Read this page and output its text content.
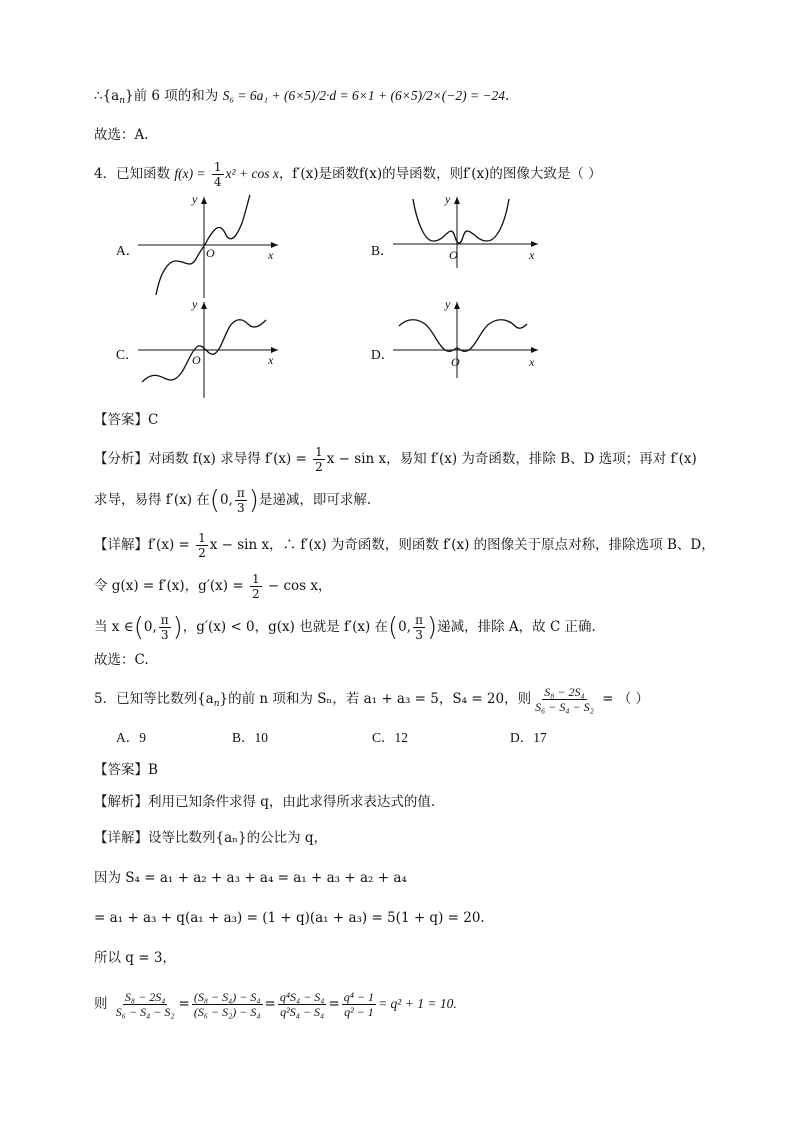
$\therefore\{a_n\}$前 6 项的和为 S₆ = 6a₁ + (6×5)/2·d = 6×1 + (6×5)/2×(−2) = −24.
故选：A.
4．已知函数 $f(x) = \frac{1}{4} x^2 + \cos x$，f′(x)是函数f(x)的导函数，则f′(x)的图像大致是（ ）
A．	B．
C．	D．
y
x
O
y
x
O
y
x
O
y
x
O
【答案】C
【分析】对函数 f(x) 求导得 $f'(x) = \frac{1}{2}$ x − sin x，易知 f′(x) 为奇函数，排除 B、D 选项；再对 f′(x)
求导，易得 f′(x) 在(0, $\frac{\pi}{3}$ )是递减，即可求解.
【详解】$f'(x) = \frac{1}{2}$ x − sin x，∴ f′(x) 为奇函数，则函数 f′(x) 的图像关于原点对称，排除选项 B、D，
令 g(x) = f′(x)，$g'(x) = \frac{1}{2} - \cos x$，
当 x ∈(0, $\frac{\pi}{3}$ )，g′(x) < 0，g(x) 也就是 f′(x) 在(0, $\frac{\pi}{3}$ )递减，排除 A，故 C 正确.
故选：C.
5．已知等比数列$\{a_n\}$的前 n 项和为 Sₙ，若 a₁ + a₃ = 5，S₄ = 20，则 $\frac{\text{S₈ − 2S₄}}{\text{S₆ − S₄ − S₂}}$ = （ ）
A．9	B．10	C．12	D．17
【答案】B
【解析】利用已知条件求得 q，由此求得所求表达式的值.
【详解】设等比数列{aₙ}的公比为 q，
因为 S₄ = a₁ + a₂ + a₃ + a₄ = a₁ + a₃ + a₂ + a₄
= a₁ + a₃ + q(a₁ + a₃) = (1 + q)(a₁ + a₃) = 5(1 + q) = 20.
所以 q = 3，
则 $\frac{\text{S₈ − 2S₄}}{\text{S₆ − S₄ − S₂}} = \frac{\text{(S₈ − S₄) − S₄}}{\text{(S₆ − S₂) − S₄}} = \frac{\text{q⁴S₄ − S₄}}{\text{q²S₄ − S₄}} = \frac{\text{q⁴ − 1}}{\text{q² − 1}} = q^2 + 1 = 10$.
